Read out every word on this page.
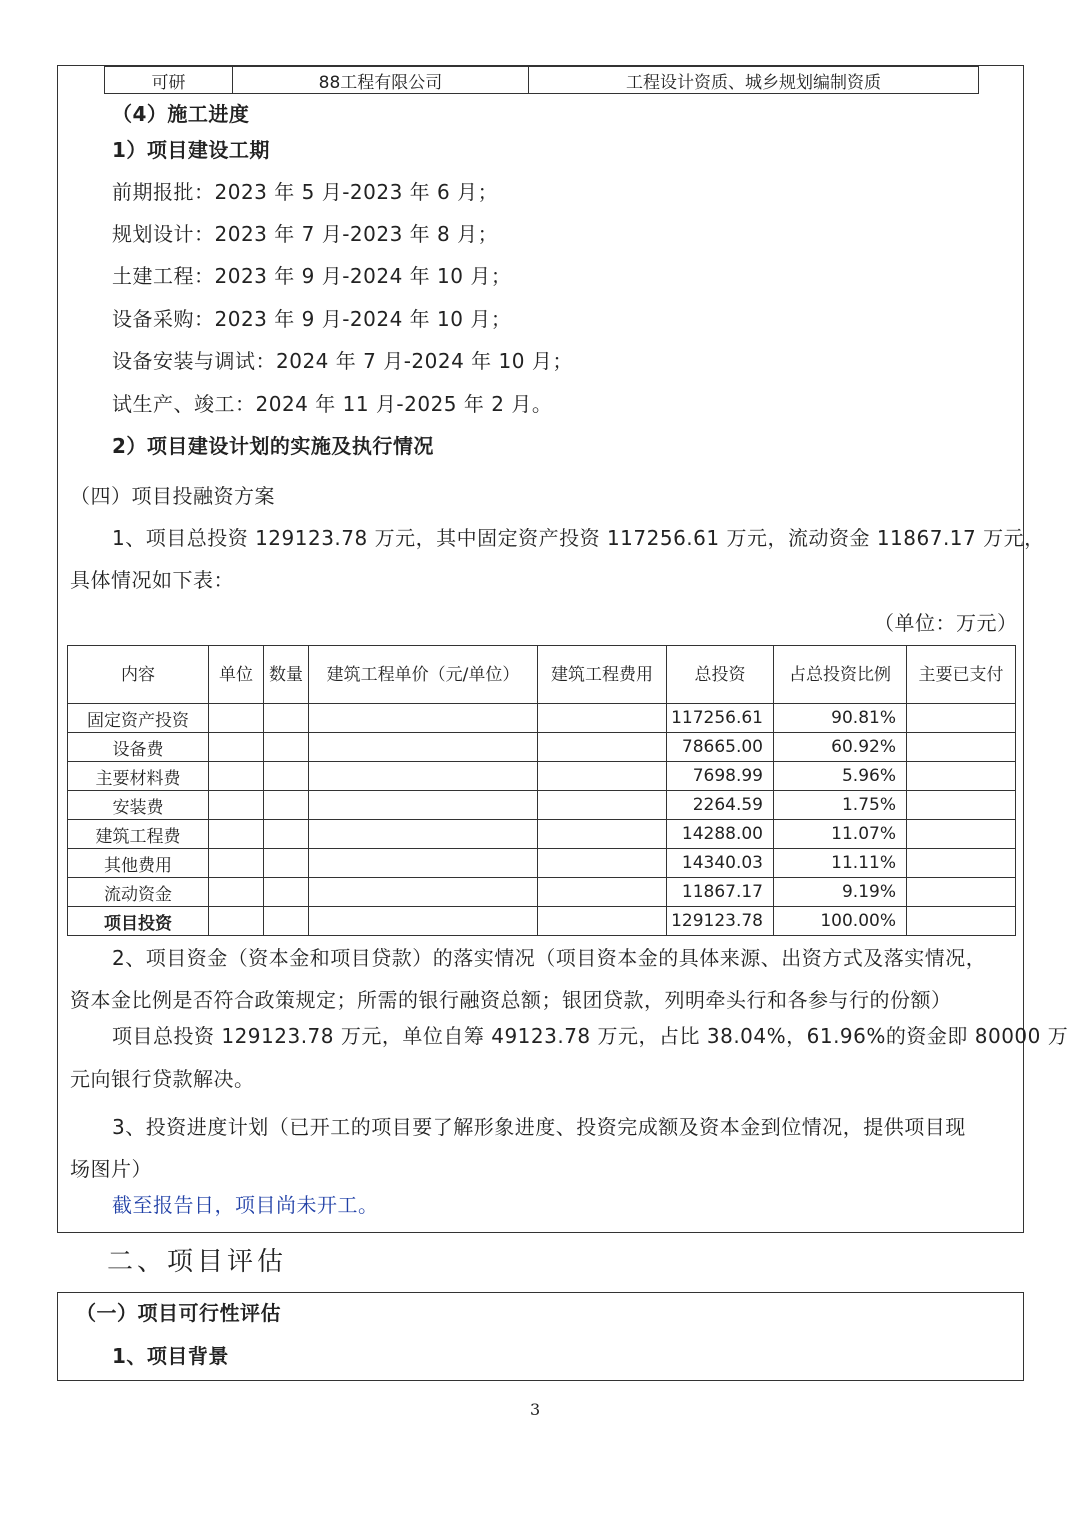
可研	88工程有限公司	工程设计资质、城乡规划编制资质
（4）施工进度
1）项目建设工期
前期报批：2023 年 5 月-2023 年 6 月；
规划设计：2023 年 7 月-2023 年 8 月；
土建工程：2023 年 9 月-2024 年 10 月；
设备采购：2023 年 9 月-2024 年 10 月；
设备安装与调试：2024 年 7 月-2024 年 10 月；
试生产、竣工：2024 年 11 月-2025 年 2 月。
2）项目建设计划的实施及执行情况
（四）项目投融资方案
1、项目总投资 129123.78 万元，其中固定资产投资 117256.61 万元，流动资金 11867.17 万元，
具体情况如下表：
（单位：万元）
内容	单位	数量	建筑工程单价（元/单位）	建筑工程费用	总投资	占总投资比例	主要已支付
固定资产投资					117256.61	90.81%	
设备费					78665.00	60.92%	
主要材料费					7698.99	5.96%	
安装费					2264.59	1.75%	
建筑工程费					14288.00	11.07%	
其他费用					14340.03	11.11%	
流动资金					11867.17	9.19%	
项目投资					129123.78	100.00%	
2、项目资金（资本金和项目贷款）的落实情况（项目资本金的具体来源、出资方式及落实情况，
资本金比例是否符合政策规定；所需的银行融资总额；银团贷款，列明牵头行和各参与行的份额）
项目总投资 129123.78 万元，单位自筹 49123.78 万元，占比 38.04%，61.96%的资金即 80000 万
元向银行贷款解决。
3、投资进度计划（已开工的项目要了解形象进度、投资完成额及资本金到位情况，提供项目现
场图片）
截至报告日，项目尚未开工。
二、项目评估
（一）项目可行性评估
1、项目背景
3
